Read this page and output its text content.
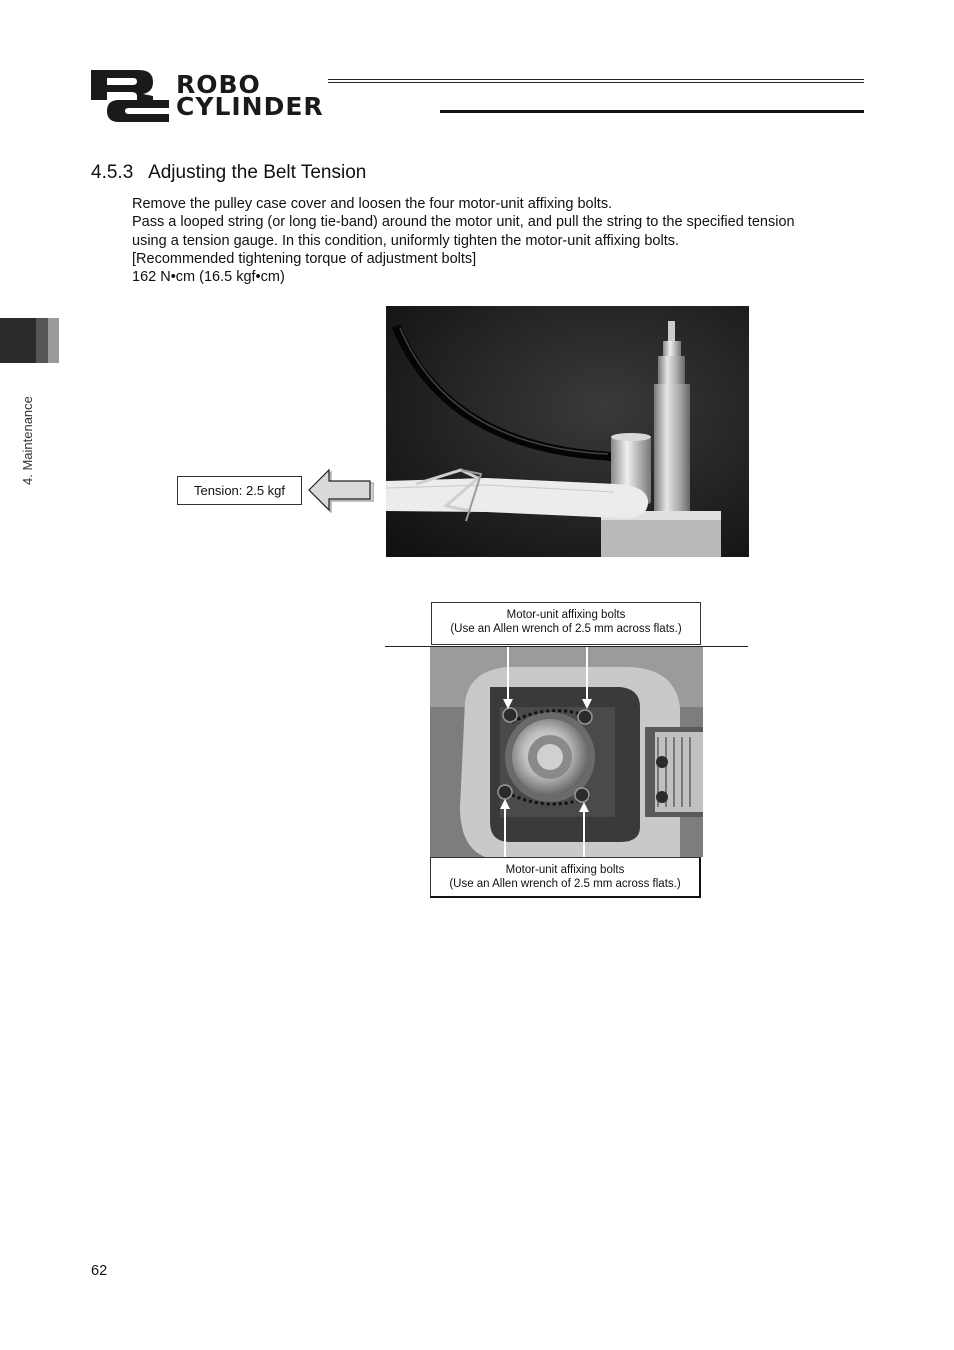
ROBO
CYLINDER
4.5.3 Adjusting the Belt Tension
Remove the pulley case cover and loosen the four motor-unit affixing bolts.
Pass a looped string (or long tie-band) around the motor unit, and pull the string to the specified tension
using a tension gauge. In this condition, uniformly tighten the motor-unit affixing bolts.
[Recommended tightening torque of adjustment bolts]
162 N•cm (16.5 kgf•cm)
4. Maintenance
Tension: 2.5 kgf
Motor-unit affixing bolts
(Use an Allen wrench of 2.5 mm across flats.)
Motor-unit affixing bolts
(Use an Allen wrench of 2.5 mm across flats.)
62
